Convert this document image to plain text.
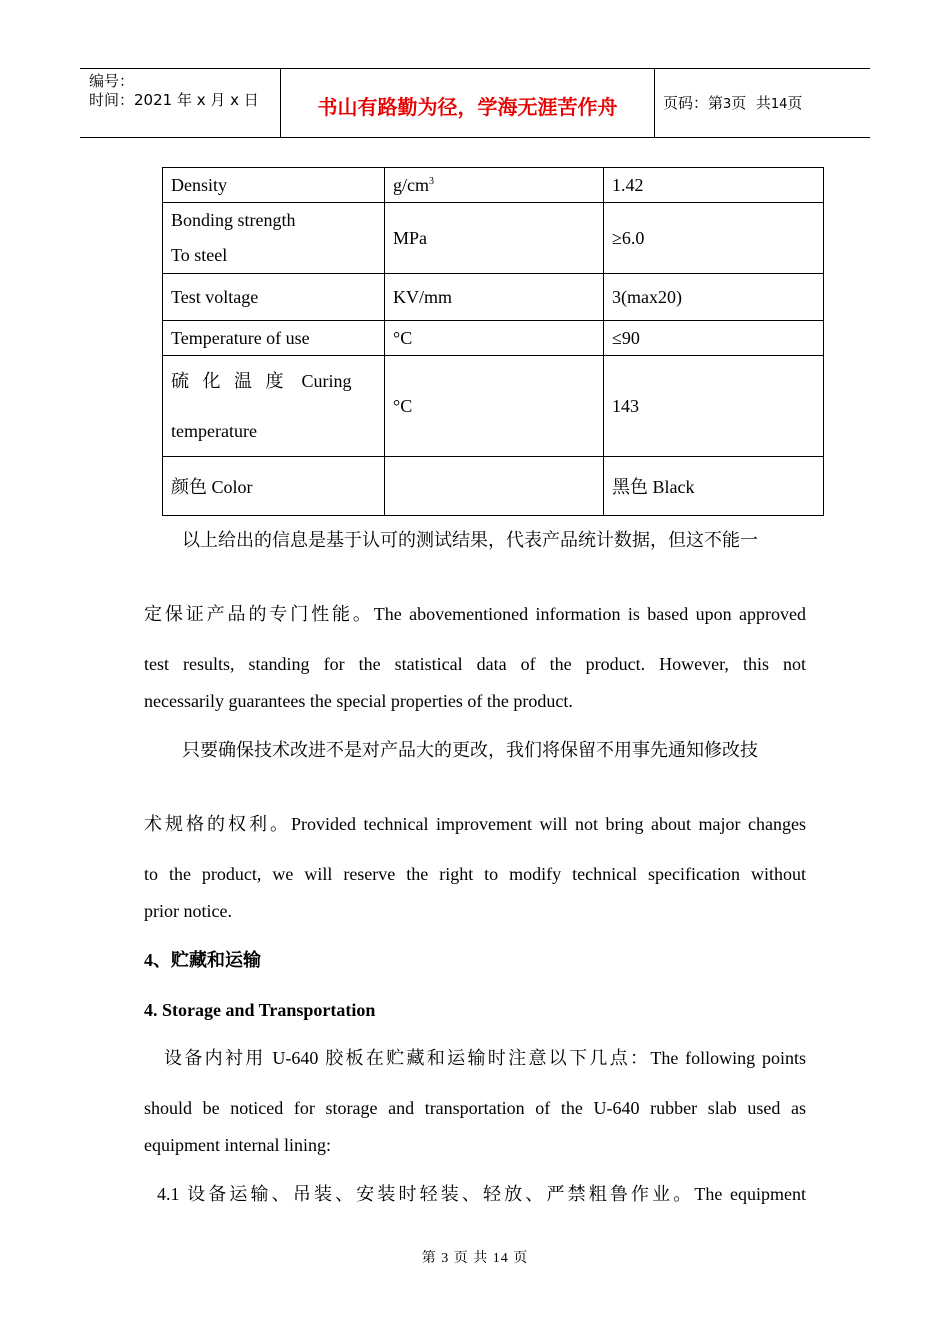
编号：
时间：2021 年 x 月 x 日	书山有路勤为径，学海无涯苦作舟	页码：第3页  共14页
Density	$g/cm^3$	1.42

Bonding strength
To steel	MPa	≥6.0
Test voltage	KV/mm	3(max20)
Temperature of use	°C	≤90

硫   化   温   度    Curing
temperature	°C	143
颜色 Color		黑色 Black
以上给出的信息是基于认可的测试结果，代表产品统计数据，但这不能一
定保证产品的专门性能。The abovementioned information is based upon approved
test results, standing for the statistical data of the product. However, this not
necessarily guarantees the special properties of the product.
只要确保技术改进不是对产品大的更改，我们将保留不用事先通知修改技
术规格的权利。Provided technical improvement will not bring about major changes
to the product, we will reserve the right to modify technical specification without
prior notice.
4、贮藏和运输
4. Storage and Transportation
设备内衬用 U-640 胶板在贮藏和运输时注意以下几点：The following points
should be noticed for storage and transportation of the U-640 rubber slab used as
equipment internal lining:
4.1 设备运输、吊装、安装时轻装、轻放、严禁粗鲁作业。The equipment
第 3 页 共 14 页
